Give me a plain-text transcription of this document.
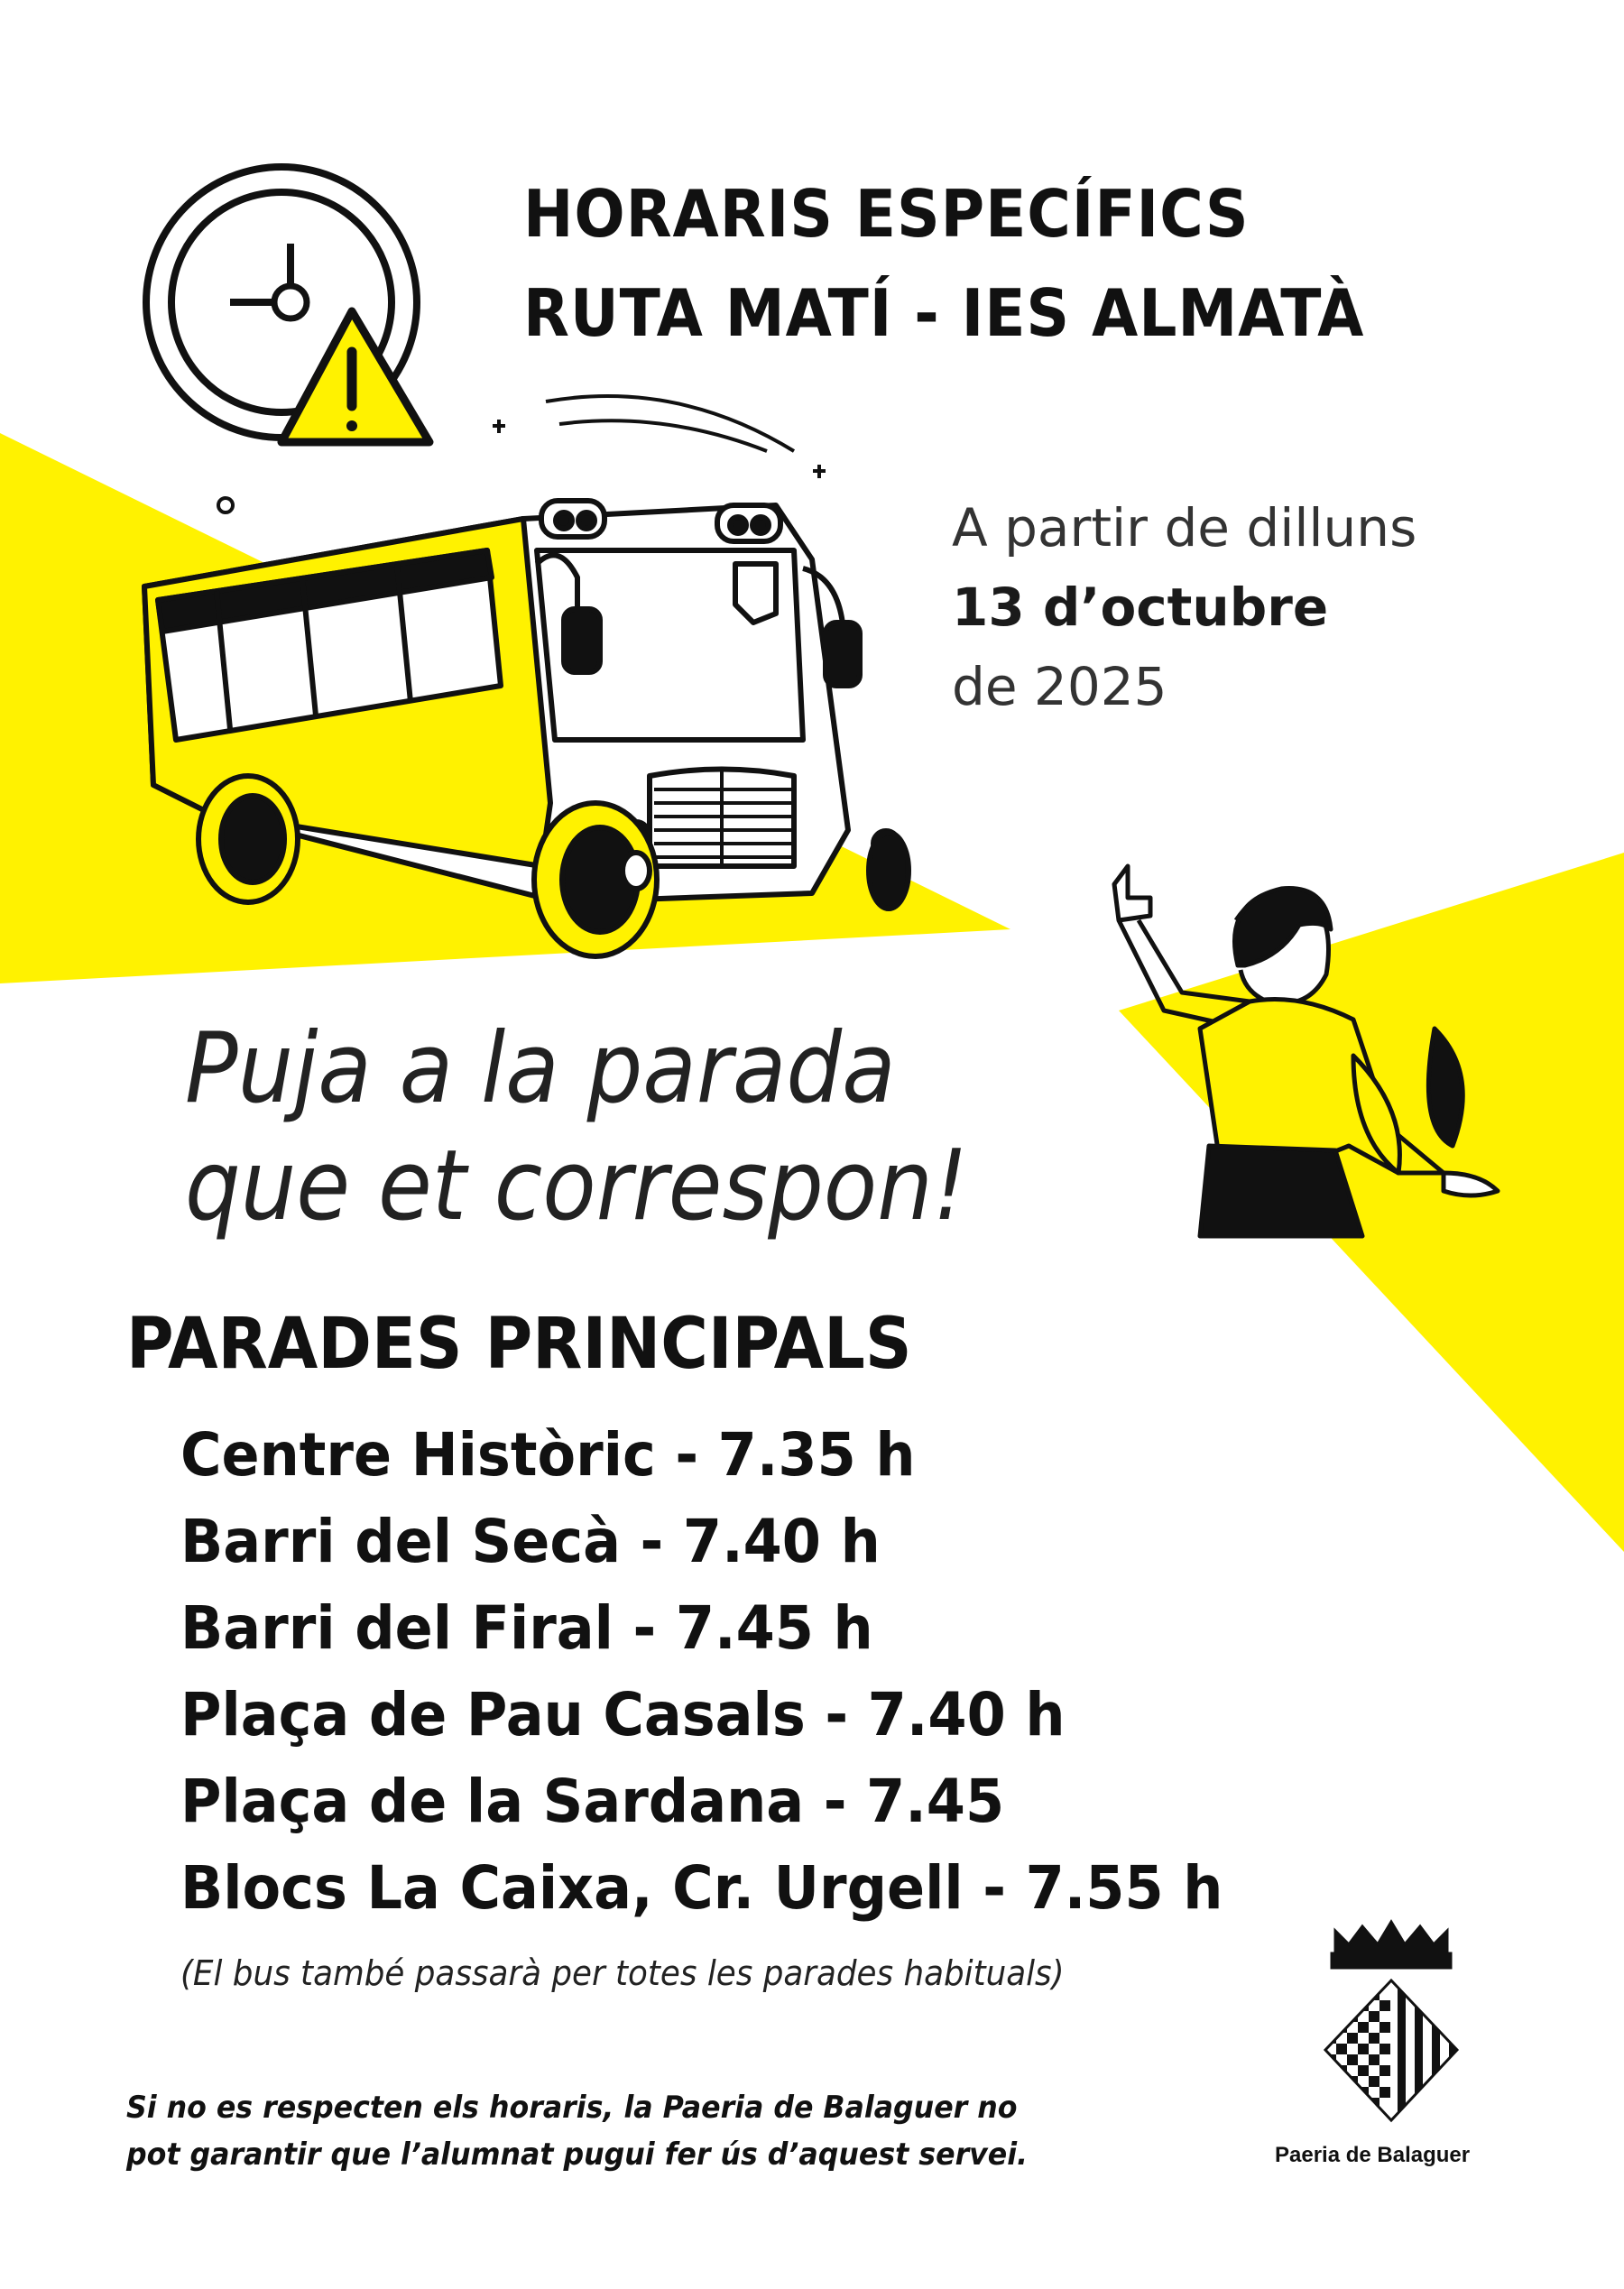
HORARIS ESPECÍFICS
RUTA MATÍ - IES ALMATÀ
A partir de dilluns
13 d’octubre
de 2025
Puja a la parada
que et correspon!
PARADES PRINCIPALS
Centre Històric - 7.35 h
Barri del Secà - 7.40 h
Barri del Firal - 7.45 h
Plaça de Pau Casals - 7.40 h
Plaça de la Sardana - 7.45
Blocs La Caixa, Cr. Urgell - 7.55 h
(El bus també passarà per totes les parades habituals)
Si no es respecten els horaris, la Paeria de Balaguer no
pot garantir que l’alumnat pugui fer ús d’aquest servei.	Paeria de Balaguer
